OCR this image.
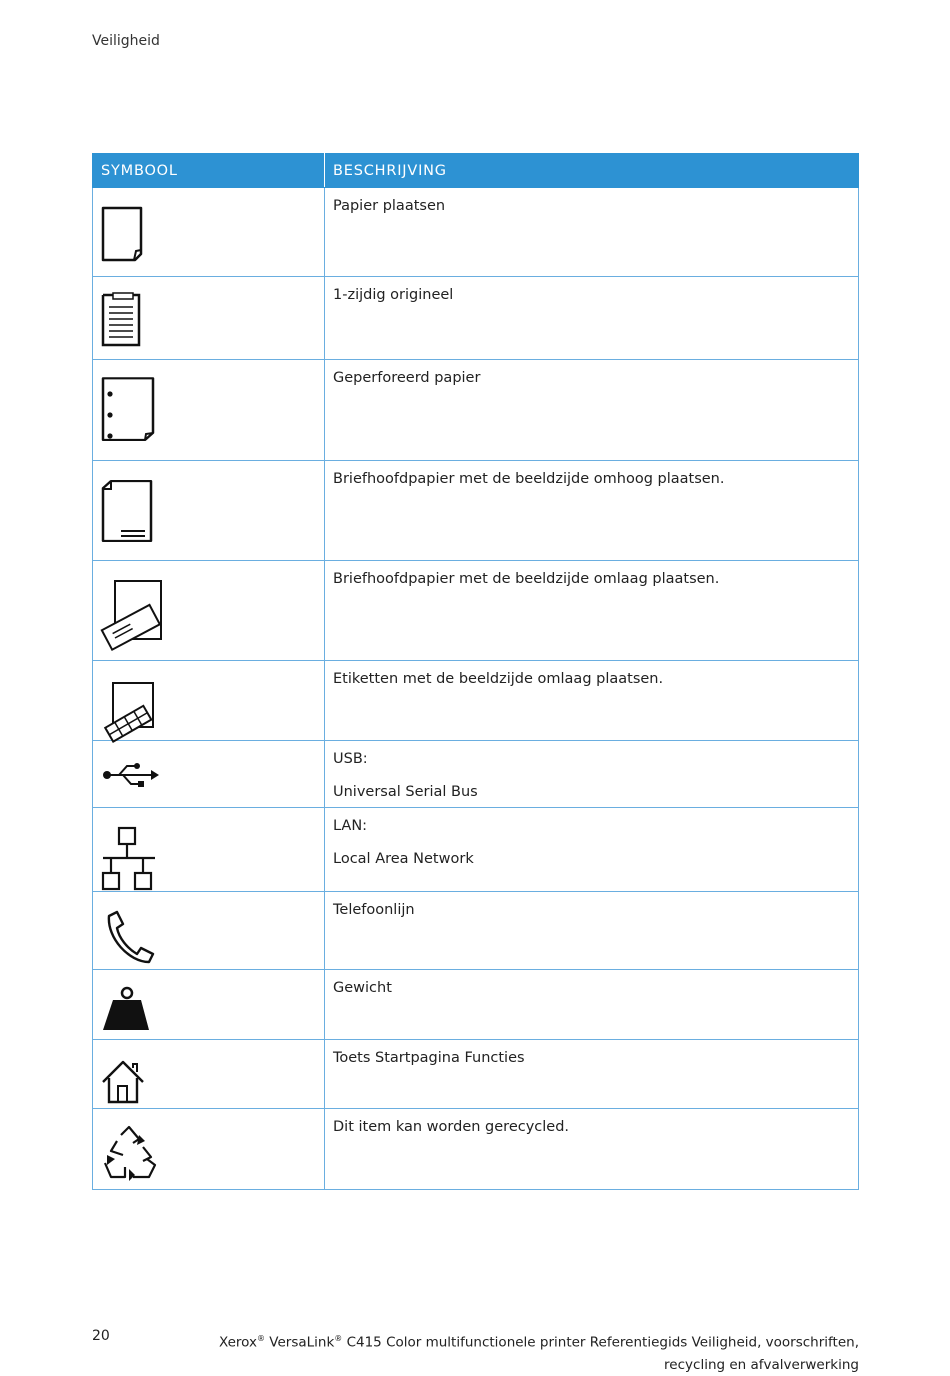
Veiligheid
SYMBOOL	BESCHRIJVING

Papier plaatsen

1-zijdig origineel

Geperforeerd papier

Briefhoofdpapier met de beeldzijde omhoog plaatsen.

Briefhoofdpapier met de beeldzijde omlaag plaatsen.

Etiketten met de beeldzijde omlaag plaatsen.

USB:

Universal Serial Bus

LAN:

Local Area Network

Telefoonlijn

Gewicht

Toets Startpagina Functies

Dit item kan worden gerecycled.

20	Xerox® VersaLink® C415 Color multifunctionele printer Referentiegids Veiligheid, voorschriften, recycling en afvalverwerking
